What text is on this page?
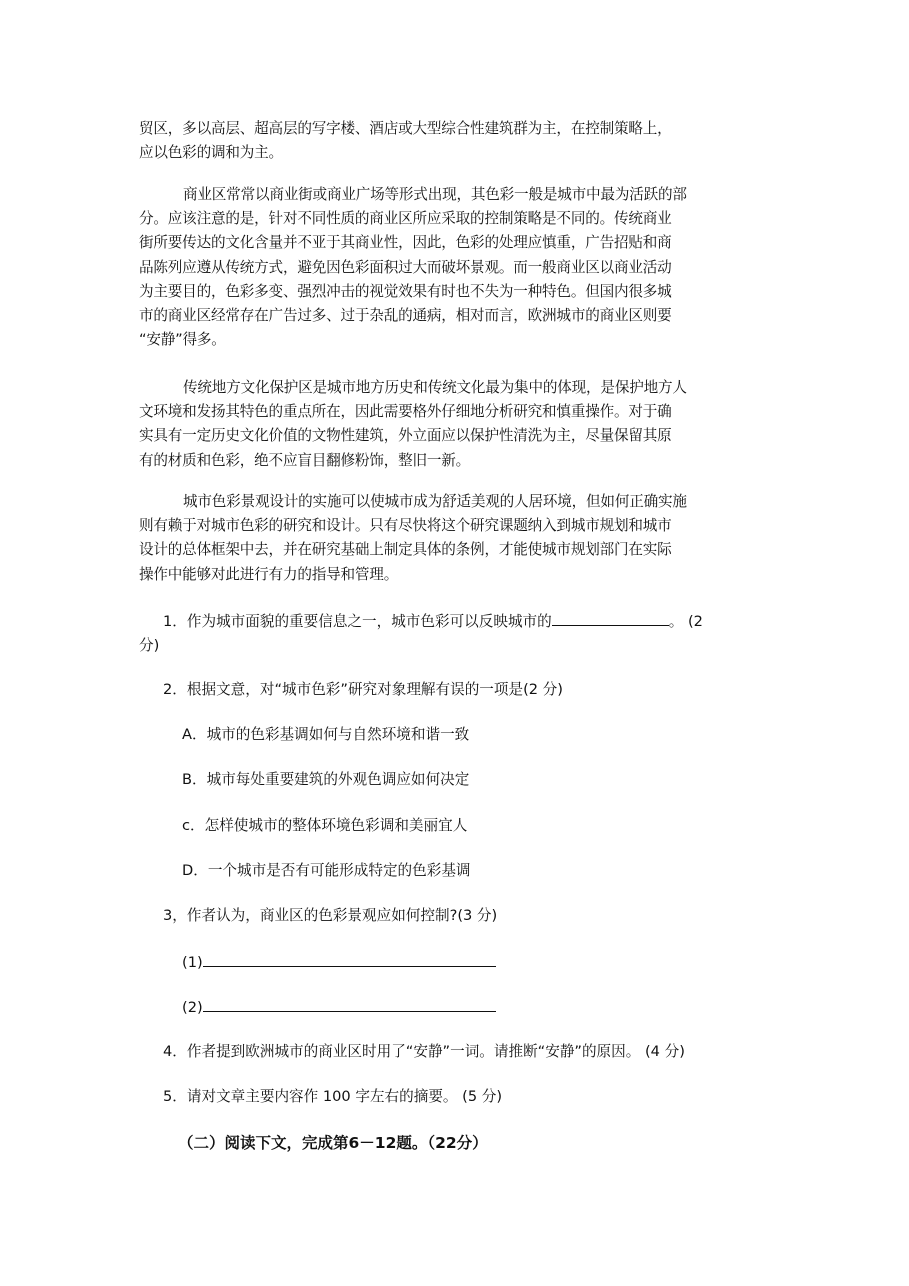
贸区，多以高层、超高层的写字楼、酒店或大型综合性建筑群为主，在控制策略上，
应以色彩的调和为主。

商业区常常以商业街或商业广场等形式出现，其色彩一般是城市中最为活跃的部
分。应该注意的是，针对不同性质的商业区所应采取的控制策略是不同的。传统商业
街所要传达的文化含量并不亚于其商业性，因此，色彩的处理应慎重，广告招贴和商
品陈列应遵从传统方式，避免因色彩面积过大而破坏景观。而一般商业区以商业活动
为主要目的，色彩多变、强烈冲击的视觉效果有时也不失为一种特色。但国内很多城
市的商业区经常存在广告过多、过于杂乱的通病，相对而言，欧洲城市的商业区则要
“安静”得多。

传统地方文化保护区是城市地方历史和传统文化最为集中的体现，是保护地方人
文环境和发扬其特色的重点所在，因此需要格外仔细地分析研究和慎重操作。对于确
实具有一定历史文化价值的文物性建筑，外立面应以保护性清洗为主，尽量保留其原
有的材质和色彩，绝不应盲目翻修粉饰，整旧一新。

城市色彩景观设计的实施可以使城市成为舒适美观的人居环境，但如何正确实施
则有赖于对城市色彩的研究和设计。只有尽快将这个研究课题纳入到城市规划和城市
设计的总体框架中去，并在研究基础上制定具体的条例，才能使城市规划部门在实际
操作中能够对此进行有力的指导和管理。

1．作为城市面貌的重要信息之一，城市色彩可以反映城市的	。 (2
分)
2．根据文意，对“城市色彩”研究对象理解有误的一项是(2 分)
A．城市的色彩基调如何与自然环境和谐一致
B．城市每处重要建筑的外观色调应如何决定
c．怎样使城市的整体环境色彩调和美丽宜人
D．一个城市是否有可能形成特定的色彩基调
3，作者认为，商业区的色彩景观应如何控制?(3 分)
(1)
(2)
4．作者提到欧洲城市的商业区时用了“安静”一词。请推断“安静”的原因。 (4 分)
5．请对文章主要内容作 100 字左右的摘要。 (5 分)
（二）阅读下文，完成第6－12题。（22分）
